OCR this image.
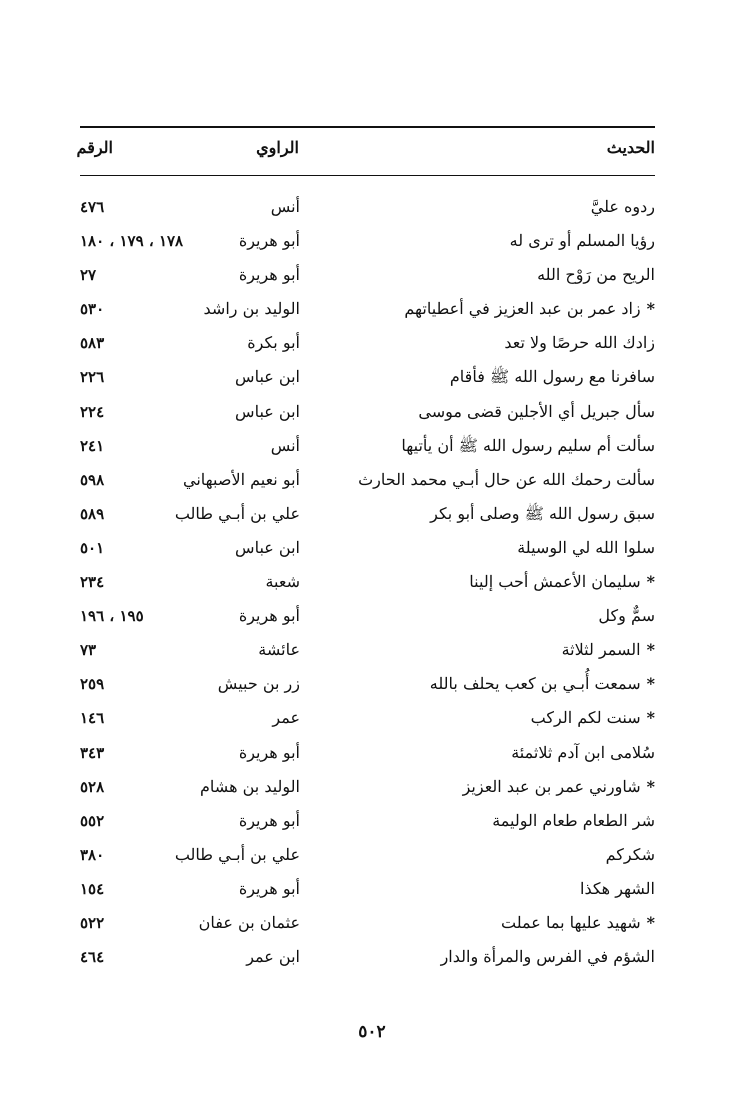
الحديث
الراوي
الرقم
ردوه عليَّ
أنس
٤٧٦
رؤيا المسلم أو ترى له
أبو هريرة
١٧٨ ، ١٧٩ ، ١٨٠
الريح من رَوْح الله
أبو هريرة
٢٧
*زاد عمر بن عبد العزيز في أعطياتهم
الوليد بن راشد
٥٣٠
زادك الله حرصًا ولا تعد
أبو بكرة
٥٨٣
سافرنا مع رسول الله ﷺ فأقام
ابن عباس
٢٢٦
سأل جبريل أي الأجلين قضى موسى
ابن عباس
٢٢٤
سألت أم سليم رسول الله ﷺ أن يأتيها
أنس
٢٤١
سألت رحمك الله عن حال أبـي محمد الحارث
أبو نعيم الأصبهاني
٥٩٨
سبق رسول الله ﷺ وصلى أبو بكر
علي بن أبـي طالب
٥٨٩
سلوا الله لي الوسيلة
ابن عباس
٥٠١
*سليمان الأعمش أحب إلينا
شعبة
٢٣٤
سمٌّ وكل
أبو هريرة
١٩٥ ، ١٩٦
*السمر لثلاثة
عائشة
٧٣
*سمعت أُبـي بن كعب يحلف بالله
زر بن حبيش
٢٥٩
*سنت لكم الركب
عمر
١٤٦
سُلامى ابن آدم ثلاثمئة
أبو هريرة
٣٤٣
*شاورني عمر بن عبد العزيز
الوليد بن هشام
٥٢٨
شر الطعام طعام الوليمة
أبو هريرة
٥٥٢
شكركم
علي بن أبـي طالب
٣٨٠
الشهر هكذا
أبو هريرة
١٥٤
*شهيد عليها بما عملت
عثمان بن عفان
٥٢٢
الشؤم في الفرس والمرأة والدار
ابن عمر
٤٦٤
٥٠٢
